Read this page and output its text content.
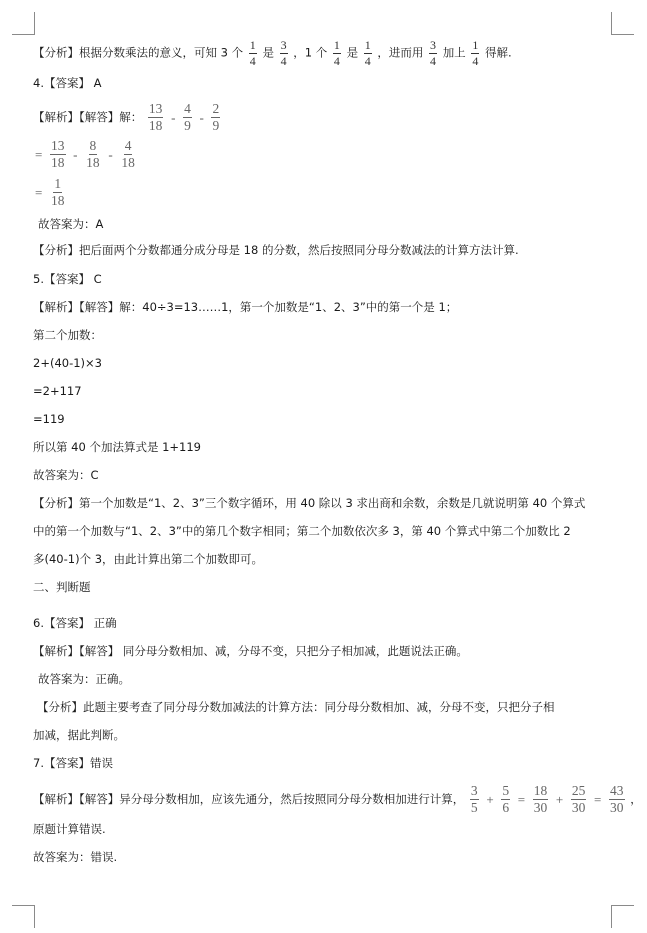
【分析】根据分数乘法的意义，可知 3 个 $\frac{1}{4}$ 是 $\frac{3}{4}$ ，1 个 $\frac{1}{4}$ 是 $\frac{1}{4}$ ，进而用 $\frac{3}{4}$ 加上 $\frac{1}{4}$ 得解.
4.【答案】 A
【解析】【解答】解： $\frac{13}{18} - \frac{4}{9} - \frac{2}{9}$
= $\frac{13}{18} - \frac{8}{18} - \frac{4}{18}$
= $\frac{1}{18}$
故答案为：A
【分析】把后面两个分数都通分成分母是 18 的分数，然后按照同分母分数减法的计算方法计算.
5.【答案】 C
【解析】【解答】解：40÷3=13……1，第一个加数是“1、2、3”中的第一个是 1；
第二个加数：
2+(40-1)×3
=2+117
=119
所以第 40 个加法算式是 1+119
故答案为：C
【分析】第一个加数是“1、2、3”三个数字循环，用 40 除以 3 求出商和余数，余数是几就说明第 40 个算式
中的第一个加数与“1、2、3”中的第几个数字相同；第二个加数依次多 3，第 40 个算式中第二个加数比 2
多(40-1)个 3，由此计算出第二个加数即可。
二、判断题
6.【答案】 正确
【解析】【解答】 同分母分数相加、减，分母不变，只把分子相加减，此题说法正确。
故答案为：正确。
【分析】此题主要考查了同分母分数加减法的计算方法：同分母分数相加、减，分母不变，只把分子相
加减，据此判断。
7.【答案】错误
【解析】【解答】异分母分数相加，应该先通分，然后按照同分母分数相加进行计算， $\frac{3}{5} + \frac{5}{6} = \frac{18}{30} + \frac{25}{30} = \frac{43}{30}$ ，
原题计算错误.
故答案为：错误.
